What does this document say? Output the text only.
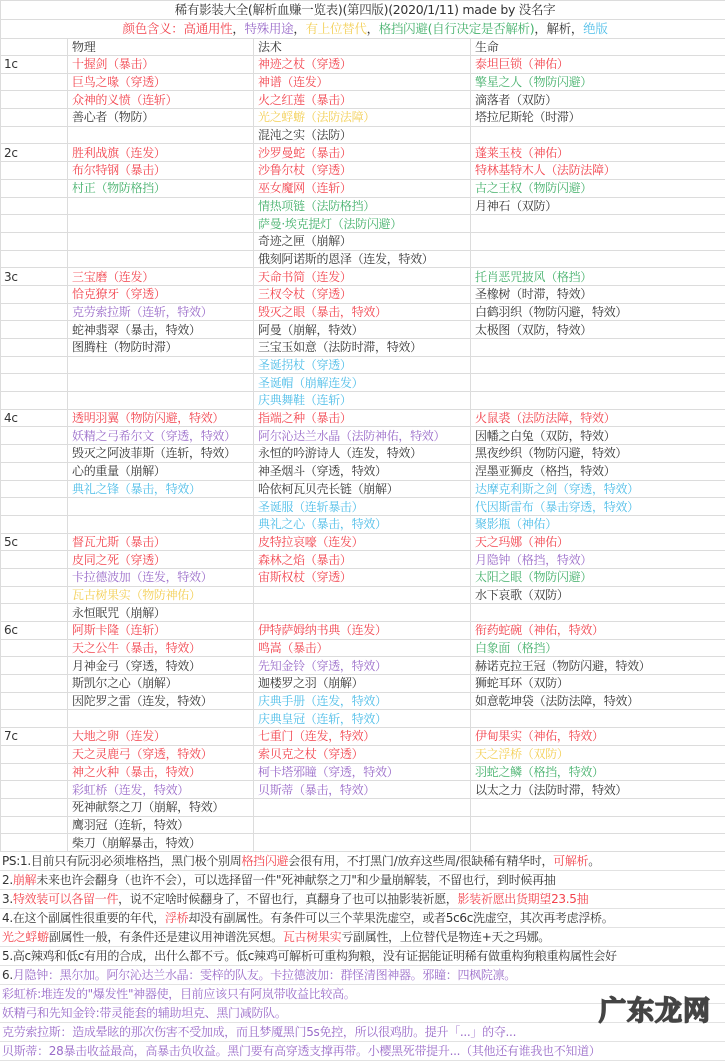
稀有影装大全(解析血赚一览表)(第四版)(2020/1/11) made by 没名字			
颜色含义：高通用性，特殊用途，有上位替代，格挡闪避(自行决定是否解析)，解析，绝版			
	物理	法术	生命
1c	十握剑（暴击）	神迹之杖（穿透）	泰坦巨锁（神佑）
	巨鸟之喙（穿透）	神谱（连发）	擎星之人（物防闪避）
	众神的义愤（连斩）	火之红莲（暴击）	滴落者（双防）
	善心者（物防）	光之蜉蝣（法防法障）	塔拉尼斯轮（时滞）
		混沌之实（法防）	
2c	胜利战旗（连发）	沙罗曼蛇（暴击）	蓬莱玉枝（神佑）
	布尔特钢（暴击）	沙鲁尔杖（穿透）	特林基特木人（法防法障）
	村正（物防格挡）	巫女魔网（连斩）	古之王权（物防闪避）
		情热项链（法防格挡）	月神石（双防）
		萨曼·埃克提灯（法防闪避）	
		奇迹之匣（崩解）	
		俄刻阿诺斯的恩泽（连发，特效）	
3c	三宝磨（连发）	天命书简（连发）	托肖恶咒披风（格挡）
	恰克獠牙（穿透）	三杈令杖（穿透）	圣橡树（时滞，特效）
	克劳索拉斯（连斩，特效）	毁灭之眼（暴击，特效）	白鹤羽织（物防闪避，特效）
	蛇神翡翠（暴击，特效）	阿曼（崩解，特效）	太极图（双防，特效）
	图腾柱（物防时滞）	三宝玉如意（法防时滞，特效）	
		圣诞拐杖（穿透）	
		圣诞帽（崩解连发）	
		庆典舞鞋（连斩）	
4c	透明羽翼（物防闪避，特效）	指端之种（暴击）	火鼠裘（法防法障，特效）
	妖精之弓希尔文（穿透，特效）	阿尔沁达兰水晶（法防神佑，特效）	因幡之白兔（双防，特效）
	毁灭之阿波菲斯（连斩，特效）	永恒的吟游诗人（连发，特效）	黑夜纱织（物防闪避，特效）
	心的重量（崩解）	神圣烟斗（穿透，特效）	涅墨亚狮皮（格挡，特效）
	典礼之锋（暴击，特效）	哈依柯瓦贝壳长链（崩解）	达摩克利斯之剑（穿透，特效）
		圣诞服（连斩暴击）	代因斯雷布（暴击穿透，特效）
		典礼之心（暴击，特效）	聚影瓶（神佑）
5c	督瓦尤斯（暴击）	皮特拉哀嚎（连发）	天之玛娜（神佑）
	皮同之死（穿透）	森林之焰（暴击）	月隐钟（格挡，特效）
	卡拉德波加（连发，特效）	宙斯权杖（穿透）	太阳之眼（物防闪避）
	瓦古树果实（物防神佑）		水下哀歌（双防）
	永恒眠咒（崩解）		
6c	阿斯卡隆（连斩）	伊特萨姆纳书典（连发）	衔药蛇碗（神佑，特效）
	天之公牛（暴击，特效）	鸣嵩（暴击）	白象面（格挡）
	月神金弓（穿透，特效）	先知金铃（穿透，特效）	赫诺克拉王冠（物防闪避，特效）
	斯凯尔之心（崩解）	迦楼罗之羽（崩解）	狮蛇耳环（双防）
	因陀罗之雷（连发，特效）	庆典手册（连发，特效）	如意乾坤袋（法防法障，特效）
		庆典皇冠（连斩，特效）	
7c	大地之卵（连发）	七重门（连发，特效）	伊甸果实（神佑，特效）
	天之灵鹿弓（穿透，特效）	索贝克之杖（穿透）	天之浮桥（双防）
	神之火种（暴击，特效）	柯卡塔邪瞳（穿透，特效）	羽蛇之鳞（格挡，特效）
	彩虹桥（连发，特效）	贝斯蒂（暴击，特效）	以太之力（法防时滞，特效）
	死神献祭之刀（崩解，特效）		
	鹰羽冠（连斩，特效）		
	柴刀（崩解暴击，特效）		
PS:1.目前只有阮羽必须堆格挡，黑门极个别周格挡闪避会很有用，不打黑门/放弃这些周/很缺稀有精华时，可解析。
2.崩解未来也许会翻身（也许不会），可以选择留一件"死神献祭之刀"和少量崩解装，不留也行，到时候再抽
3.特效装可以各留一件，说不定啥时候翻身了，不留也行，真翻身了也可以抽影装祈愿，影装祈愿出货期望23.5抽
4.在这个副属性很重要的年代，浮桥却没有副属性。有条件可以三个苹果洗虚空，或者5c6c洗虚空，其次再考虑浮桥。
光之蜉蝣副属性一般，有条件还是建议用神谱洗冥想。瓦古树果实亏副属性，上位替代是物连+天之玛娜。
5.高c辣鸡和低c有用的合成，出什么都不亏。低c辣鸡可解析可重构狗粮，没有证据能证明稀有做重构狗粮重构属性会好
6.月隐钟：黑尔加。阿尔沁达兰水晶：雯梓的队友。卡拉德波加：群怪清图神器。邪瞳：四枫院凛。
彩虹桥:堆连发的"爆发性"神器使，目前应该只有阿岚带收益比较高。
妖精弓和先知金铃:带灵能套的辅助坦克、黑门减防队。
克劳索拉斯：造成晕眩的那次伤害不受加成，而且梦魇黑门5s免控，所以很鸡肋。提升「...」的夺...
贝斯蒂：28暴击收益最高，高暴击负收益。黑门要有高穿透支撑再带。小樱黑死带提升...（其他还有谁我也不知道）
广东龙网
